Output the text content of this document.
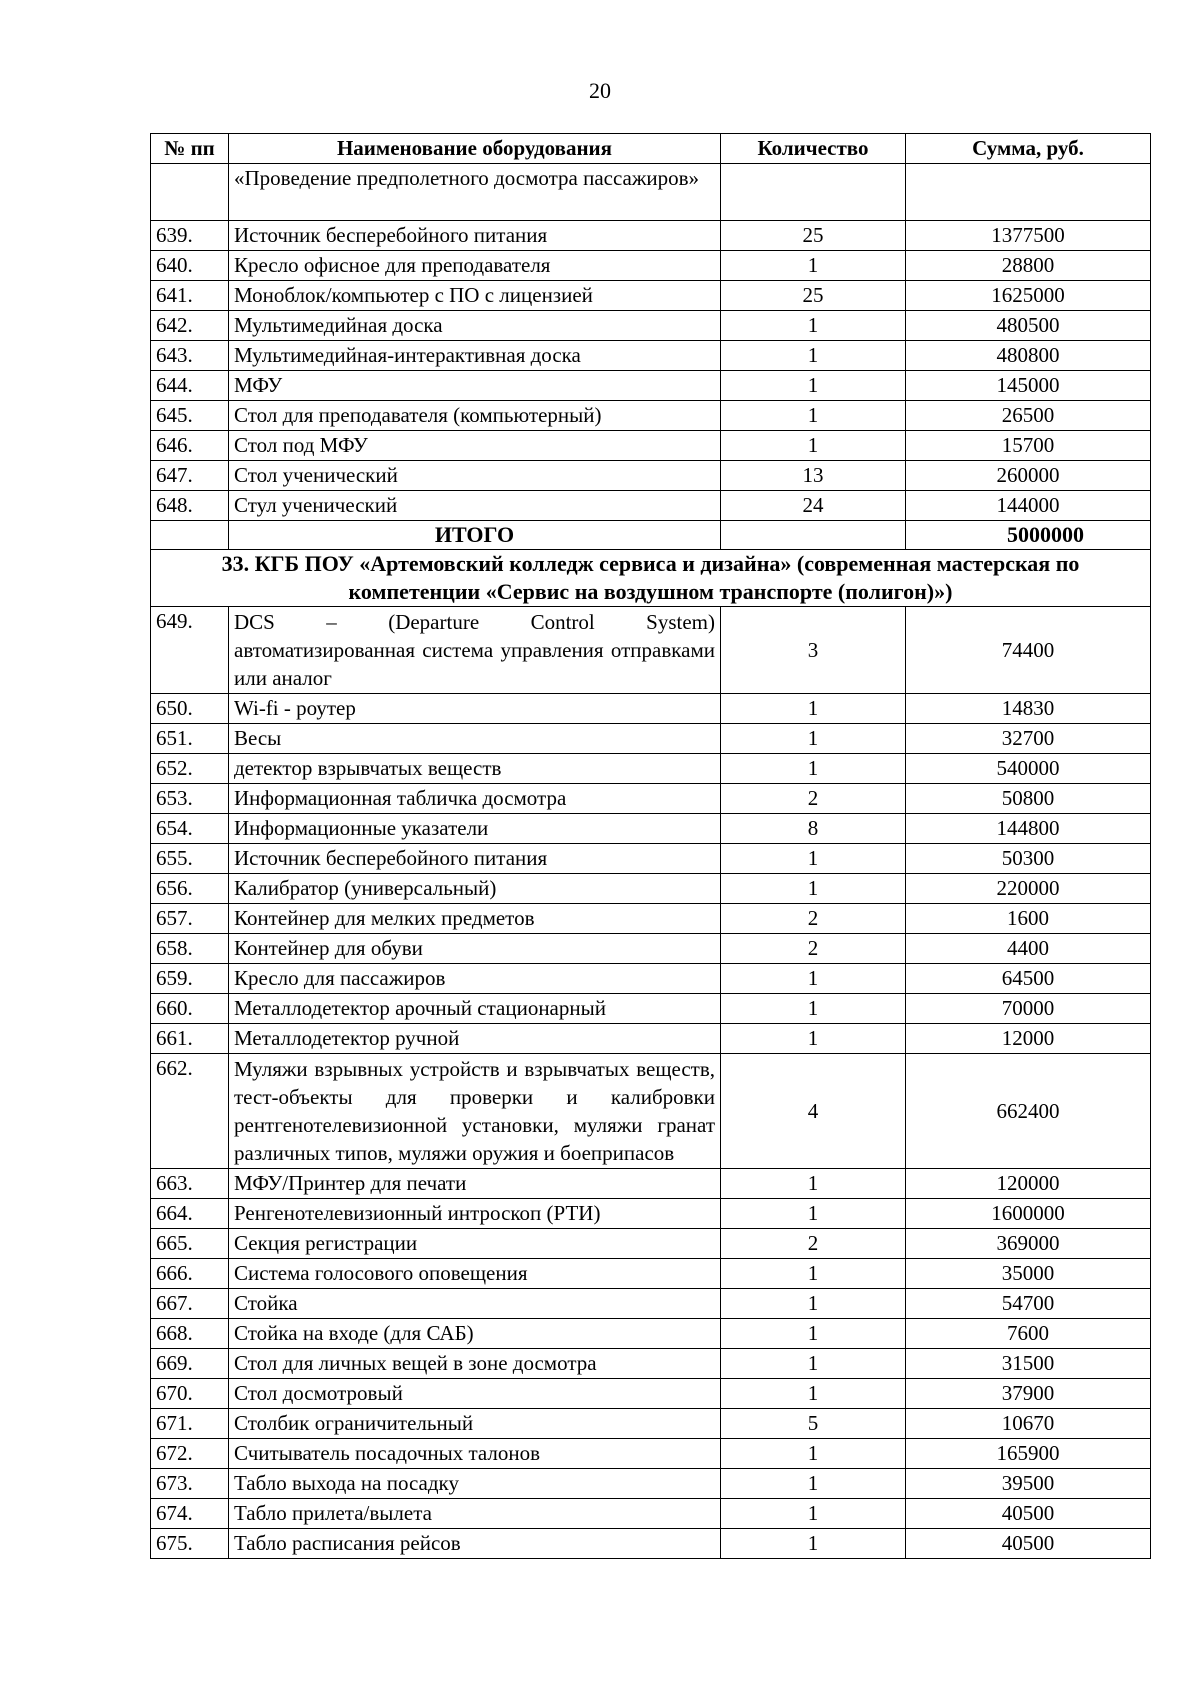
20
№ пп	Наименование оборудования	Количество	Сумма, руб.
	«Проведение предполетного досмотра пассажиров»		
639.	Источник бесперебойного питания	25	1377500
640.	Кресло офисное для преподавателя	1	28800
641.	Моноблок/компьютер с ПО с лицензией	25	1625000
642.	Мультимедийная доска	1	480500
643.	Мультимедийная-интерактивная доска	1	480800
644.	МФУ	1	145000
645.	Стол для преподавателя (компьютерный)	1	26500
646.	Стол под МФУ	1	15700
647.	Стол ученический	13	260000
648.	Стул ученический	24	144000
	ИТОГО		5000000
33. КГБ ПОУ «Артемовский колледж сервиса и дизайна» (современная мастерская по компетенции «Сервис на воздушном транспорте (полигон)»)			
649.	DCS – (Departure Control System) автоматизированная система управления отправками или аналог	3	74400
650.	Wi-fi - роутер	1	14830
651.	Весы	1	32700
652.	детектор взрывчатых веществ	1	540000
653.	Информационная табличка досмотра	2	50800
654.	Информационные указатели	8	144800
655.	Источник бесперебойного питания	1	50300
656.	Калибратор (универсальный)	1	220000
657.	Контейнер для мелких предметов	2	1600
658.	Контейнер для обуви	2	4400
659.	Кресло для пассажиров	1	64500
660.	Металлодетектор арочный стационарный	1	70000
661.	Металлодетектор ручной	1	12000
662.	Муляжи взрывных устройств и взрывчатых веществ, тест-объекты для проверки и калибровки рентгенотелевизионной установки, муляжи гранат различных типов, муляжи оружия и боеприпасов	4	662400
663.	МФУ/Принтер для печати	1	120000
664.	Ренгенотелевизионный интроскоп (РТИ)	1	1600000
665.	Секция регистрации	2	369000
666.	Система голосового оповещения	1	35000
667.	Стойка	1	54700
668.	Стойка на входе (для САБ)	1	7600
669.	Стол для личных вещей в зоне досмотра	1	31500
670.	Стол досмотровый	1	37900
671.	Столбик ограничительный	5	10670
672.	Считыватель посадочных талонов	1	165900
673.	Табло выхода на посадку	1	39500
674.	Табло прилета/вылета	1	40500
675.	Табло расписания рейсов	1	40500
